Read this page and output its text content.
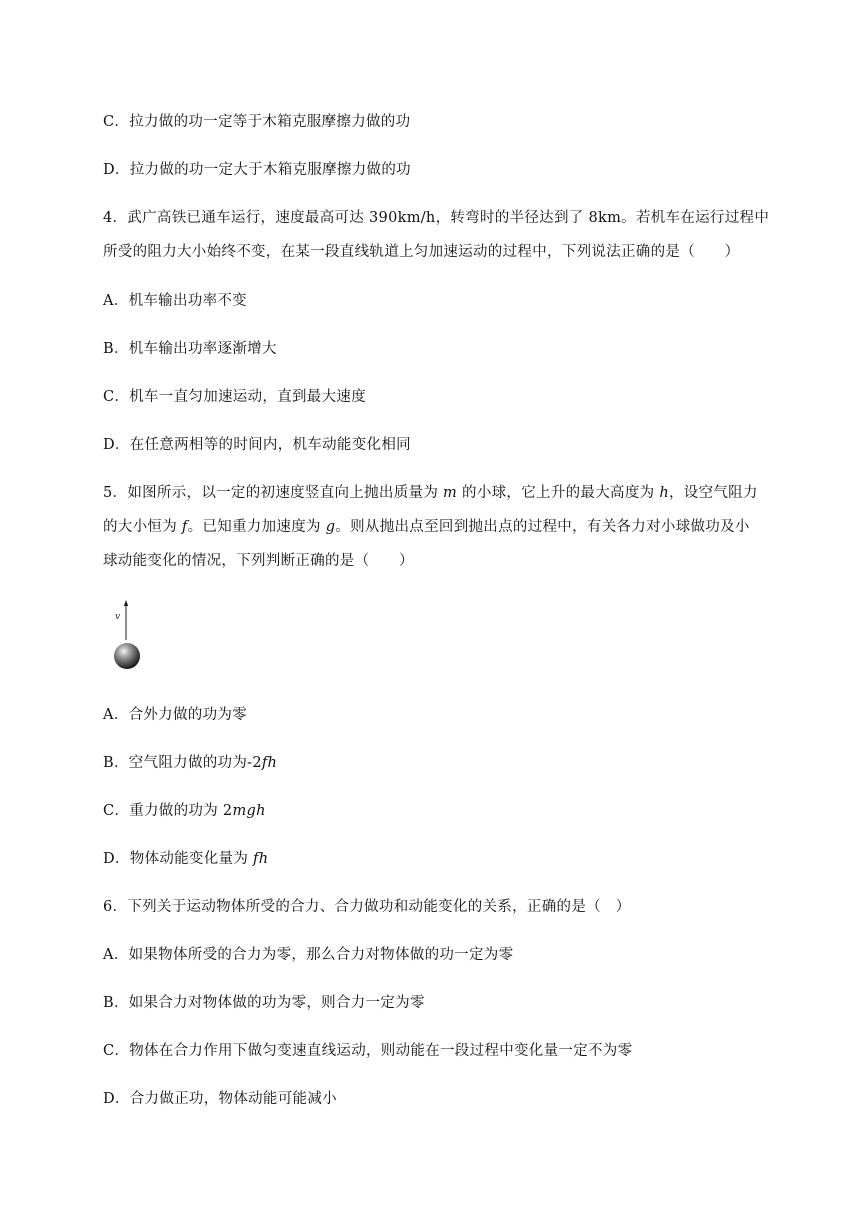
C．拉力做的功一定等于木箱克服摩擦力做的功
D．拉力做的功一定大于木箱克服摩擦力做的功
4．武广高铁已通车运行，速度最高可达 390km/h，转弯时的半径达到了 8km。若机车在运行过程中
所受的阻力大小始终不变，在某一段直线轨道上匀加速运动的过程中，下列说法正确的是（　　）
A．机车输出功率不变
B．机车输出功率逐渐增大
C．机车一直匀加速运动，直到最大速度
D．在任意两相等的时间内，机车动能变化相同
5．如图所示，以一定的初速度竖直向上抛出质量为 m 的小球，它上升的最大高度为 h，设空气阻力
的大小恒为 f。已知重力加速度为 g。则从抛出点至回到抛出点的过程中，有关各力对小球做功及小
球动能变化的情况，下列判断正确的是（　　）
v
A．合外力做的功为零
B．空气阻力做的功为-2fh
C．重力做的功为 2mgh
D．物体动能变化量为 fh
6．下列关于运动物体所受的合力、合力做功和动能变化的关系，正确的是（　）
A．如果物体所受的合力为零，那么合力对物体做的功一定为零
B．如果合力对物体做的功为零，则合力一定为零
C．物体在合力作用下做匀变速直线运动，则动能在一段过程中变化量一定不为零
D．合力做正功，物体动能可能减小
